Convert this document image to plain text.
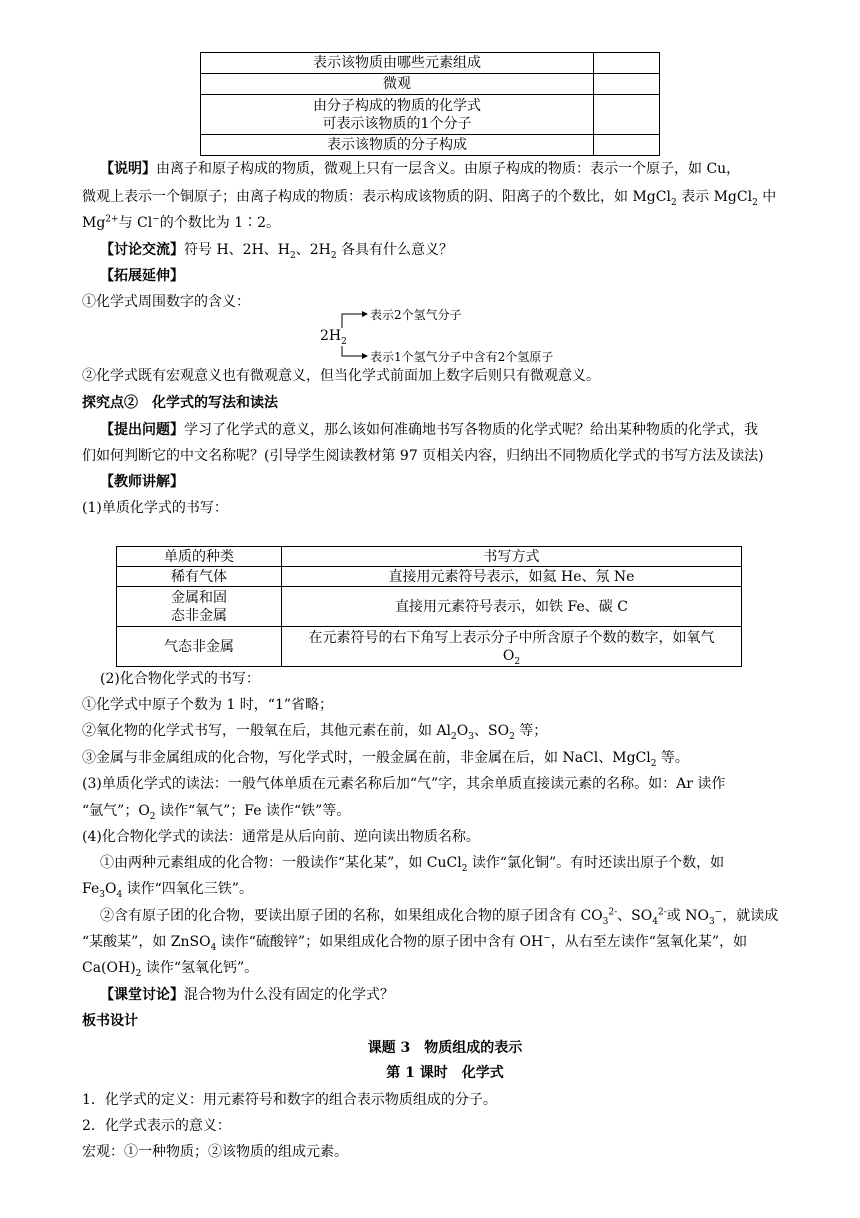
表示该物质由哪些元素组成	
微观	

由分子构成的物质的化学式
可表示该物质的1个分子	

表示该物质的分子构成	
【说明】由离子和原子构成的物质，微观上只有一层含义。由原子构成的物质：表示一个原子，如 Cu，
微观上表示一个铜原子；由离子构成的物质：表示构成该物质的阴、阳离子的个数比，如 MgCl$_2$ 表示 MgCl$_2$ 中
$Mg^{2+}$与 Cl−的个数比为 1∶2。
【讨论交流】符号 H、2H、$H_2$、$2H_2$ 各具有什么意义？
【拓展延伸】
①化学式周围数字的含义：
$2H_2$
表示2个氢气分子
表示1个氢气分子中含有2个氢原子
②化学式既有宏观意义也有微观意义，但当化学式前面加上数字后则只有微观意义。
探究点②　化学式的写法和读法
【提出问题】学习了化学式的意义，那么该如何准确地书写各物质的化学式呢？给出某种物质的化学式，我
们如何判断它的中文名称呢？(引导学生阅读教材第 97 页相关内容，归纳出不同物质化学式的书写方法及读法)
【教师讲解】
(1)单质化学式的书写：
单质的种类	书写方式
稀有气体	直接用元素符号表示，如氦 He、氖 Ne

金属和固
态非金属	直接用元素符号表示，如铁 Fe、碳 C
气态非金属	在元素符号的右下角写上表示分子中所含原子个数的数字，如氧气
$O_2$
(2)化合物化学式的书写：
①化学式中原子个数为 1 时，“1”省略；
②氧化物的化学式书写，一般氧在后，其他元素在前，如 $Al_2O_3$、$SO_2$ 等；
③金属与非金属组成的化合物，写化学式时，一般金属在前，非金属在后，如 NaCl、MgCl$_2$ 等。
(3)单质化学式的读法：一般气体单质在元素名称后加“气”字，其余单质直接读元素的名称。如：Ar 读作
“氩气”；$O_2$ 读作“氧气”；Fe 读作“铁”等。
(4)化合物化学式的读法：通常是从后向前、逆向读出物质名称。
①由两种元素组成的化合物：一般读作“某化某”，如 CuCl$_2$ 读作“氯化铜”。有时还读出原子个数，如
$Fe_3O_4$ 读作“四氧化三铁”。
②含有原子团的化合物，要读出原子团的名称，如果组成化合物的原子团含有 $CO_3^{2-}$、$SO_4^{2-}$或 $NO_3^-$，就读成
“某酸某”，如 ZnSO$_4$ 读作“硫酸锌”；如果组成化合物的原子团中含有 OH−，从右至左读作“氢氧化某”，如
$Ca(OH)_2$ 读作“氢氧化钙”。
【课堂讨论】混合物为什么没有固定的化学式？
板书设计
课题 3　物质组成的表示
第 1 课时　化学式
1．化学式的定义：用元素符号和数字的组合表示物质组成的分子。
2．化学式表示的意义：
宏观：①一种物质；②该物质的组成元素。
